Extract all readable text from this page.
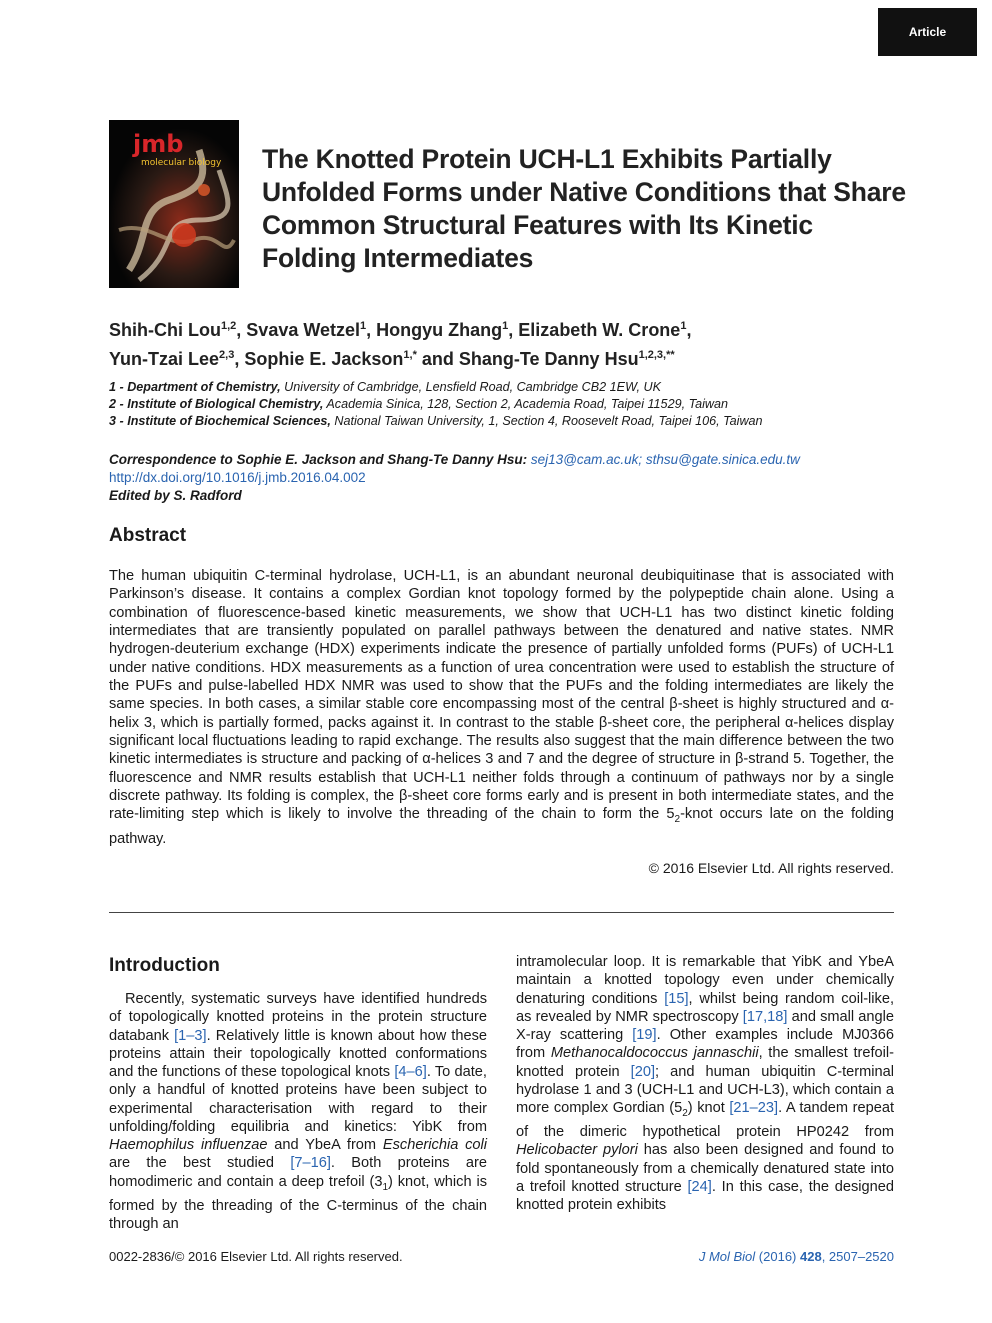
Article
jmb
molecular biology The Knotted Protein UCH-L1 Exhibits Partially Unfolded Forms under Native Conditions that Share Common Structural Features with Its Kinetic Folding Intermediates
Shih-Chi Lou$^{1,2}$, Svava Wetzel$^1$, Hongyu Zhang$^1$, Elizabeth W. Crone$^1$,
Yun-Tzai Lee$^{2,3}$, Sophie E. Jackson$^{1,*}$ and Shang-Te Danny Hsu$^{1,2,3,**}$
1 - Department of Chemistry, University of Cambridge, Lensfield Road, Cambridge CB2 1EW, UK
2 - Institute of Biological Chemistry, Academia Sinica, 128, Section 2, Academia Road, Taipei 11529, Taiwan
3 - Institute of Biochemical Sciences, National Taiwan University, 1, Section 4, Roosevelt Road, Taipei 106, Taiwan
Correspondence to Sophie E. Jackson and Shang-Te Danny Hsu: sej13@cam.ac.uk; sthsu@gate.sinica.edu.tw
http://dx.doi.org/10.1016/j.jmb.2016.04.002
Edited by S. Radford
Abstract
The human ubiquitin C-terminal hydrolase, UCH-L1, is an abundant neuronal deubiquitinase that is associated with Parkinson’s disease. It contains a complex Gordian knot topology formed by the polypeptide chain alone. Using a combination of fluorescence-based kinetic measurements, we show that UCH-L1 has two distinct kinetic folding intermediates that are transiently populated on parallel pathways between the denatured and native states. NMR hydrogen-deuterium exchange (HDX) experiments indicate the presence of partially unfolded forms (PUFs) of UCH-L1 under native conditions. HDX measurements as a function of urea concentration were used to establish the structure of the PUFs and pulse-labelled HDX NMR was used to show that the PUFs and the folding intermediates are likely the same species. In both cases, a similar stable core encompassing most of the central β-sheet is highly structured and α-helix 3, which is partially formed, packs against it. In contrast to the stable β-sheet core, the peripheral α-helices display significant local fluctuations leading to rapid exchange. The results also suggest that the main difference between the two kinetic intermediates is structure and packing of α-helices 3 and 7 and the degree of structure in β-strand 5. Together, the fluorescence and NMR results establish that UCH-L1 neither folds through a continuum of pathways nor by a single discrete pathway. Its folding is complex, the β-sheet core forms early and is present in both intermediate states, and the rate-limiting step which is likely to involve the threading of the chain to form the $5_2$-knot occurs late on the folding pathway.
© 2016 Elsevier Ltd. All rights reserved.
Introduction
Recently, systematic surveys have identified hundreds of topologically knotted proteins in the protein structure databank [1–3]. Relatively little is known about how these proteins attain their topologically knotted conformations and the functions of these topological knots [4–6]. To date, only a handful of knotted proteins have been subject to experimental characterisation with regard to their unfolding/folding equilibria and kinetics: YibK from Haemophilus influenzae and YbeA from Escherichia coli are the best studied [7–16]. Both proteins are homodimeric and contain a deep trefoil $(3_1)$ knot, which is formed by the threading of the C-terminus of the chain through an
intramolecular loop. It is remarkable that YibK and YbeA maintain a knotted topology even under chemically denaturing conditions [15], whilst being random coil-like, as revealed by NMR spectroscopy [17,18] and small angle X-ray scattering [19]. Other examples include MJ0366 from Methanocaldococcus jannaschii, the smallest trefoil-knotted protein [20]; and human ubiquitin C-terminal hydrolase 1 and 3 (UCH-L1 and UCH-L3), which contain a more complex Gordian $(5_2)$ knot [21–23]. A tandem repeat of the dimeric hypothetical protein HP0242 from Helicobacter pylori has also been designed and found to fold spontaneously from a chemically denatured state into a trefoil knotted structure [24]. In this case, the designed knotted protein exhibits
0022-2836/© 2016 Elsevier Ltd. All rights reserved.	J Mol Biol (2016) 428, 2507–2520
